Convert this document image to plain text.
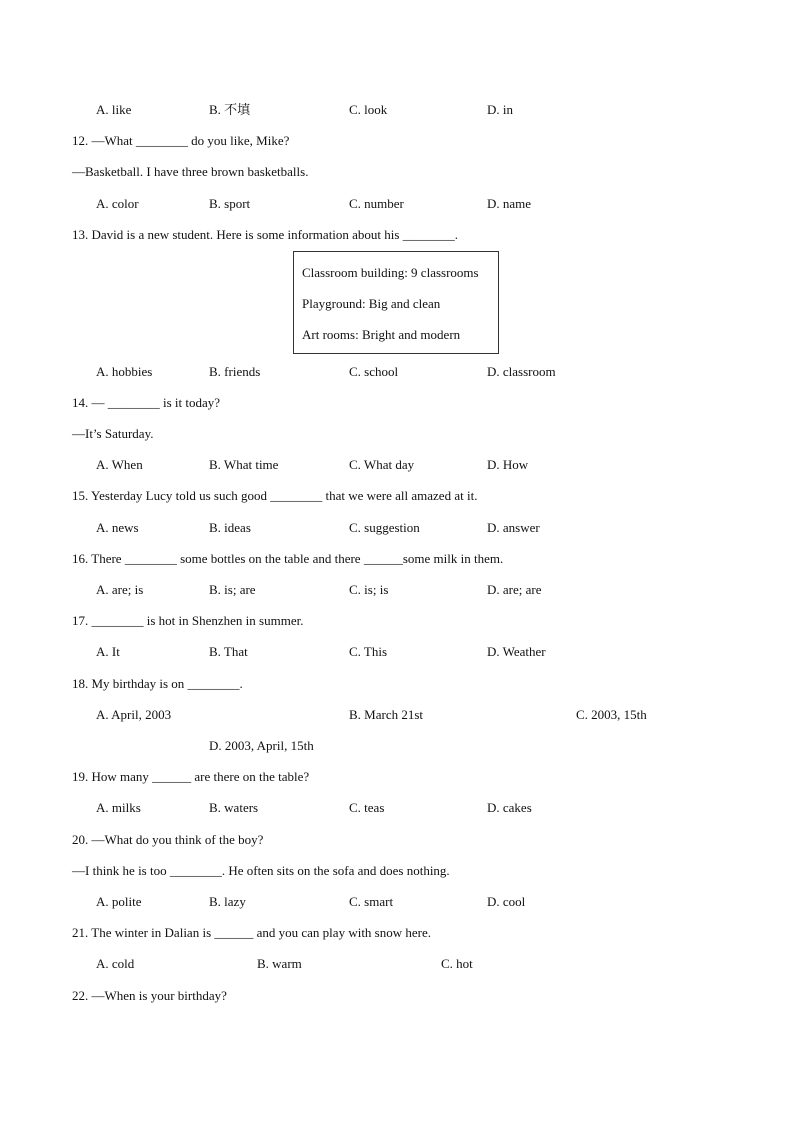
A. like	B. 不填	C. look	D. in
12. —What ________ do you like, Mike?
—Basketball. I have three brown basketballs.
A. color	B. sport	C. number	D. name
13. David is a new student. Here is some information about his ________.
Classroom building: 9 classrooms
Playground: Big and clean
Art rooms: Bright and modern
A. hobbies	B. friends	C. school	D. classroom
14. — ________ is it today?
—It’s Saturday.
A. When	B. What time	C. What day	D. How
15. Yesterday Lucy told us such good ________ that we were all amazed at it.
A. news	B. ideas	C. suggestion	D. answer
16. There ________ some bottles on the table and there ______some milk in them.
A. are; is	B. is; are	C. is; is	D. are; are
17. ________ is hot in Shenzhen in summer.
A. It	B. That	C. This	D. Weather
18. My birthday is on ________.
A. April, 2003	B. March 21st	C. 2003, 15th
D. 2003, April, 15th
19. How many ______ are there on the table?
A. milks	B. waters	C. teas	D. cakes
20. —What do you think of the boy?
—I think he is too ________. He often sits on the sofa and does nothing.
A. polite	B. lazy	C. smart	D. cool
21. The winter in Dalian is ______ and you can play with snow here.
A. cold	B. warm	C. hot
22. —When is your birthday?
